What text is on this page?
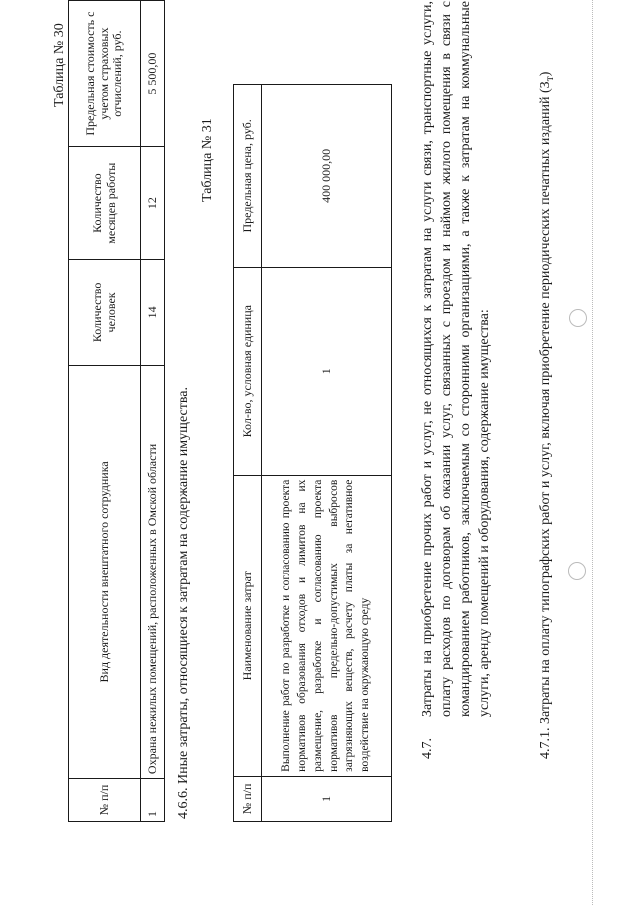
Таблица № 30
№ п/п	Вид деятельности внештатного сотрудника	Количество человек	Количество месяцев работы	Предельная стоимость с учетом страховых отчислений, руб.
1	Охрана нежилых помещений, расположенных в Омской области	14	12	5 500,00
4.6.6. Иные затраты, относящиеся к затратам на содержание имущества.
Таблица № 31
№ п/п	Наименование затрат	Кол-во, условная единица	Предельная цена, руб.
1	Выполнение работ по разработке и согласованию проекта нормативов образования отходов и лимитов на их размещение, разработке и согласованию проекта нормативов предельно-допустимых выбросов загрязняющих веществ, расчету платы за негативное воздействие на окружающую среду	1	400 000,00
4.7.
Затраты на приобретение прочих работ и услуг, не относящихся к затратам на услуги связи, транспортные услуги, оплату расходов по договорам об оказании услуг, связанных с проездом и наймом жилого помещения в связи с командированием работников, заключаемым со сторонними организациями, а также к затратам на коммунальные услуги, аренду помещений и оборудования, содержание имущества:	4.7.1. Затраты на оплату типографских работ и услуг, включая приобретение периодических печатных изданий $(З_т)$
